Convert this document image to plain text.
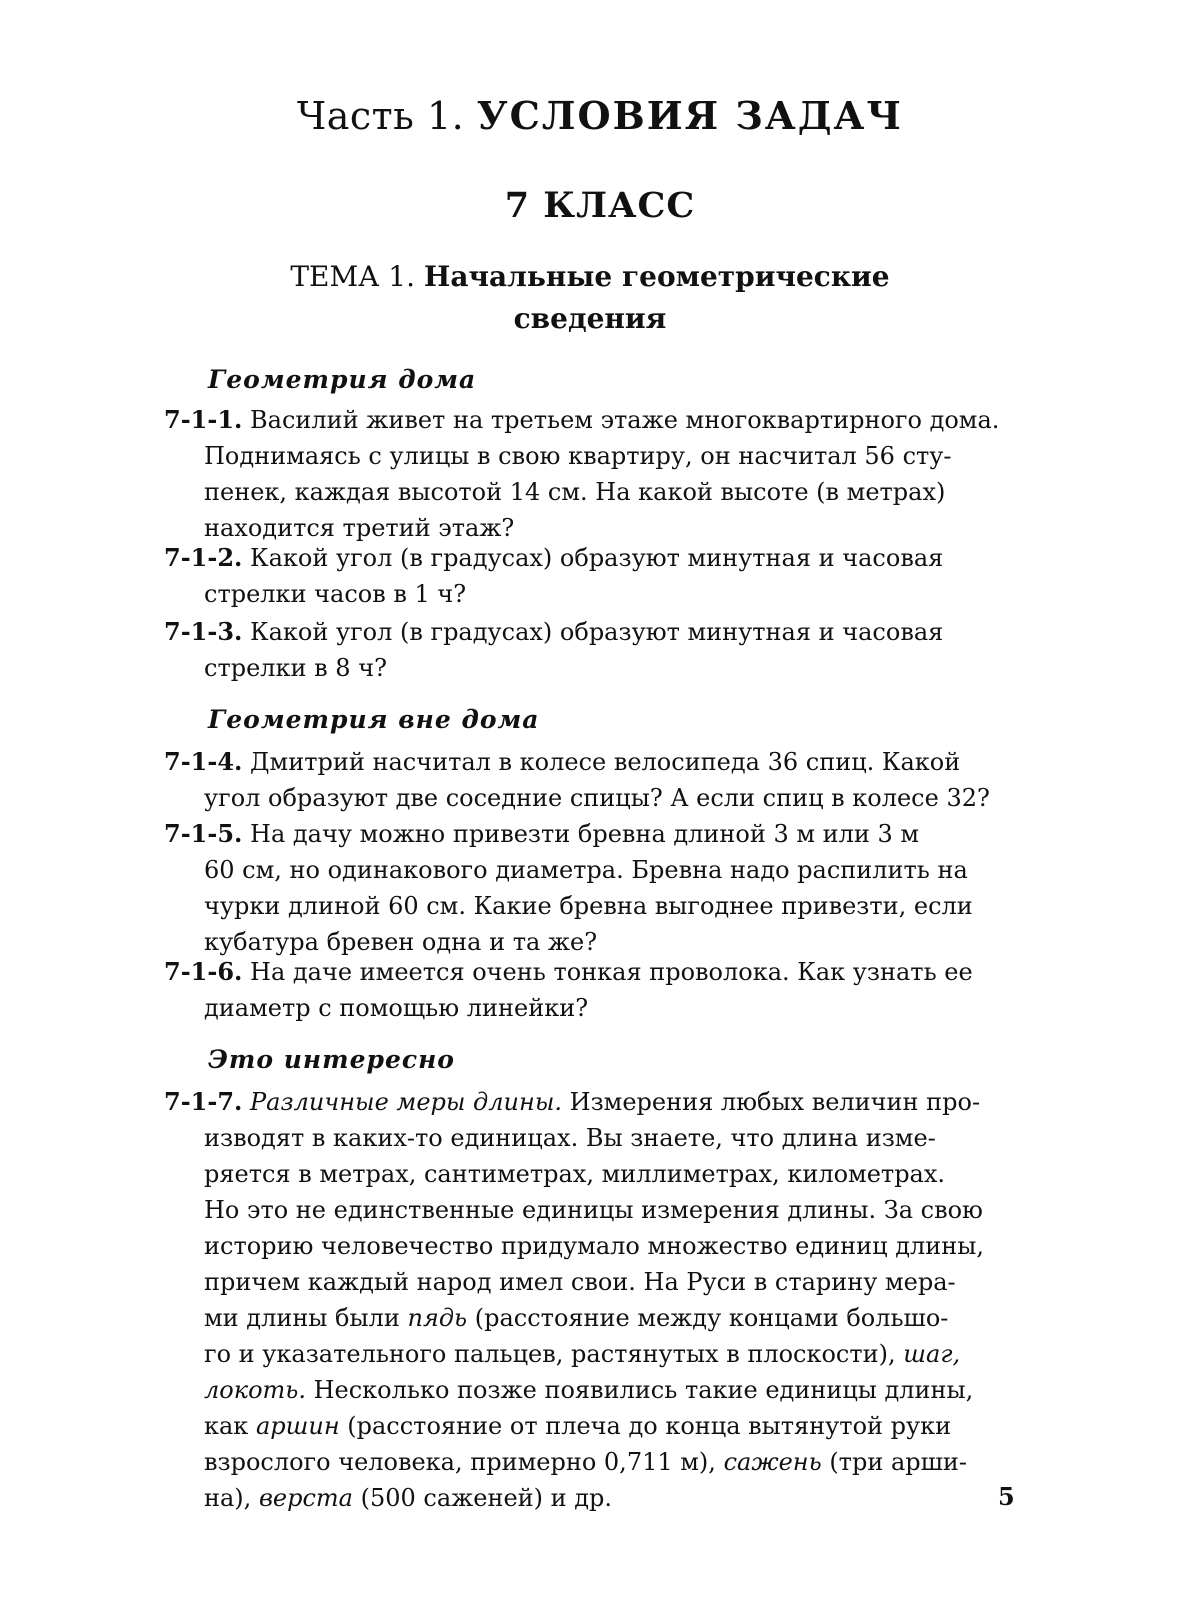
Часть 1. УСЛОВИЯ ЗАДАЧ
7 КЛАСС
ТЕМА 1. Начальные геометрические
сведения
Геометрия дома
7-1-1. Василий живет на третьем этаже многоквартирного дома.
Поднимаясь с улицы в свою квартиру, он насчитал 56 сту-
пенек, каждая высотой 14 см. На какой высоте (в метрах)
находится третий этаж?
7-1-2. Какой угол (в градусах) образуют минутная и часовая
стрелки часов в 1 ч?
7-1-3. Какой угол (в градусах) образуют минутная и часовая
стрелки в 8 ч?
Геометрия вне дома
7-1-4. Дмитрий насчитал в колесе велосипеда 36 спиц. Какой
угол образуют две соседние спицы? А если спиц в колесе 32?
7-1-5. На дачу можно привезти бревна длиной 3 м или 3 м
60 см, но одинакового диаметра. Бревна надо распилить на
чурки длиной 60 см. Какие бревна выгоднее привезти, если
кубатура бревен одна и та же?
7-1-6. На даче имеется очень тонкая проволока. Как узнать ее
диаметр с помощью линейки?
Это интересно
7-1-7. Различные меры длины. Измерения любых величин про-
изводят в каких-то единицах. Вы знаете, что длина изме-
ряется в метрах, сантиметрах, миллиметрах, километрах.
Но это не единственные единицы измерения длины. За свою
историю человечество придумало множество единиц длины,
причем каждый народ имел свои. На Руси в старину мера-
ми длины были пядь (расстояние между концами большо-
го и указательного пальцев, растянутых в плоскости), шаг,
локоть. Несколько позже появились такие единицы длины,
как аршин (расстояние от плеча до конца вытянутой руки
взрослого человека, примерно 0,711 м), сажень (три арши-
на), верста (500 саженей) и др.	5
